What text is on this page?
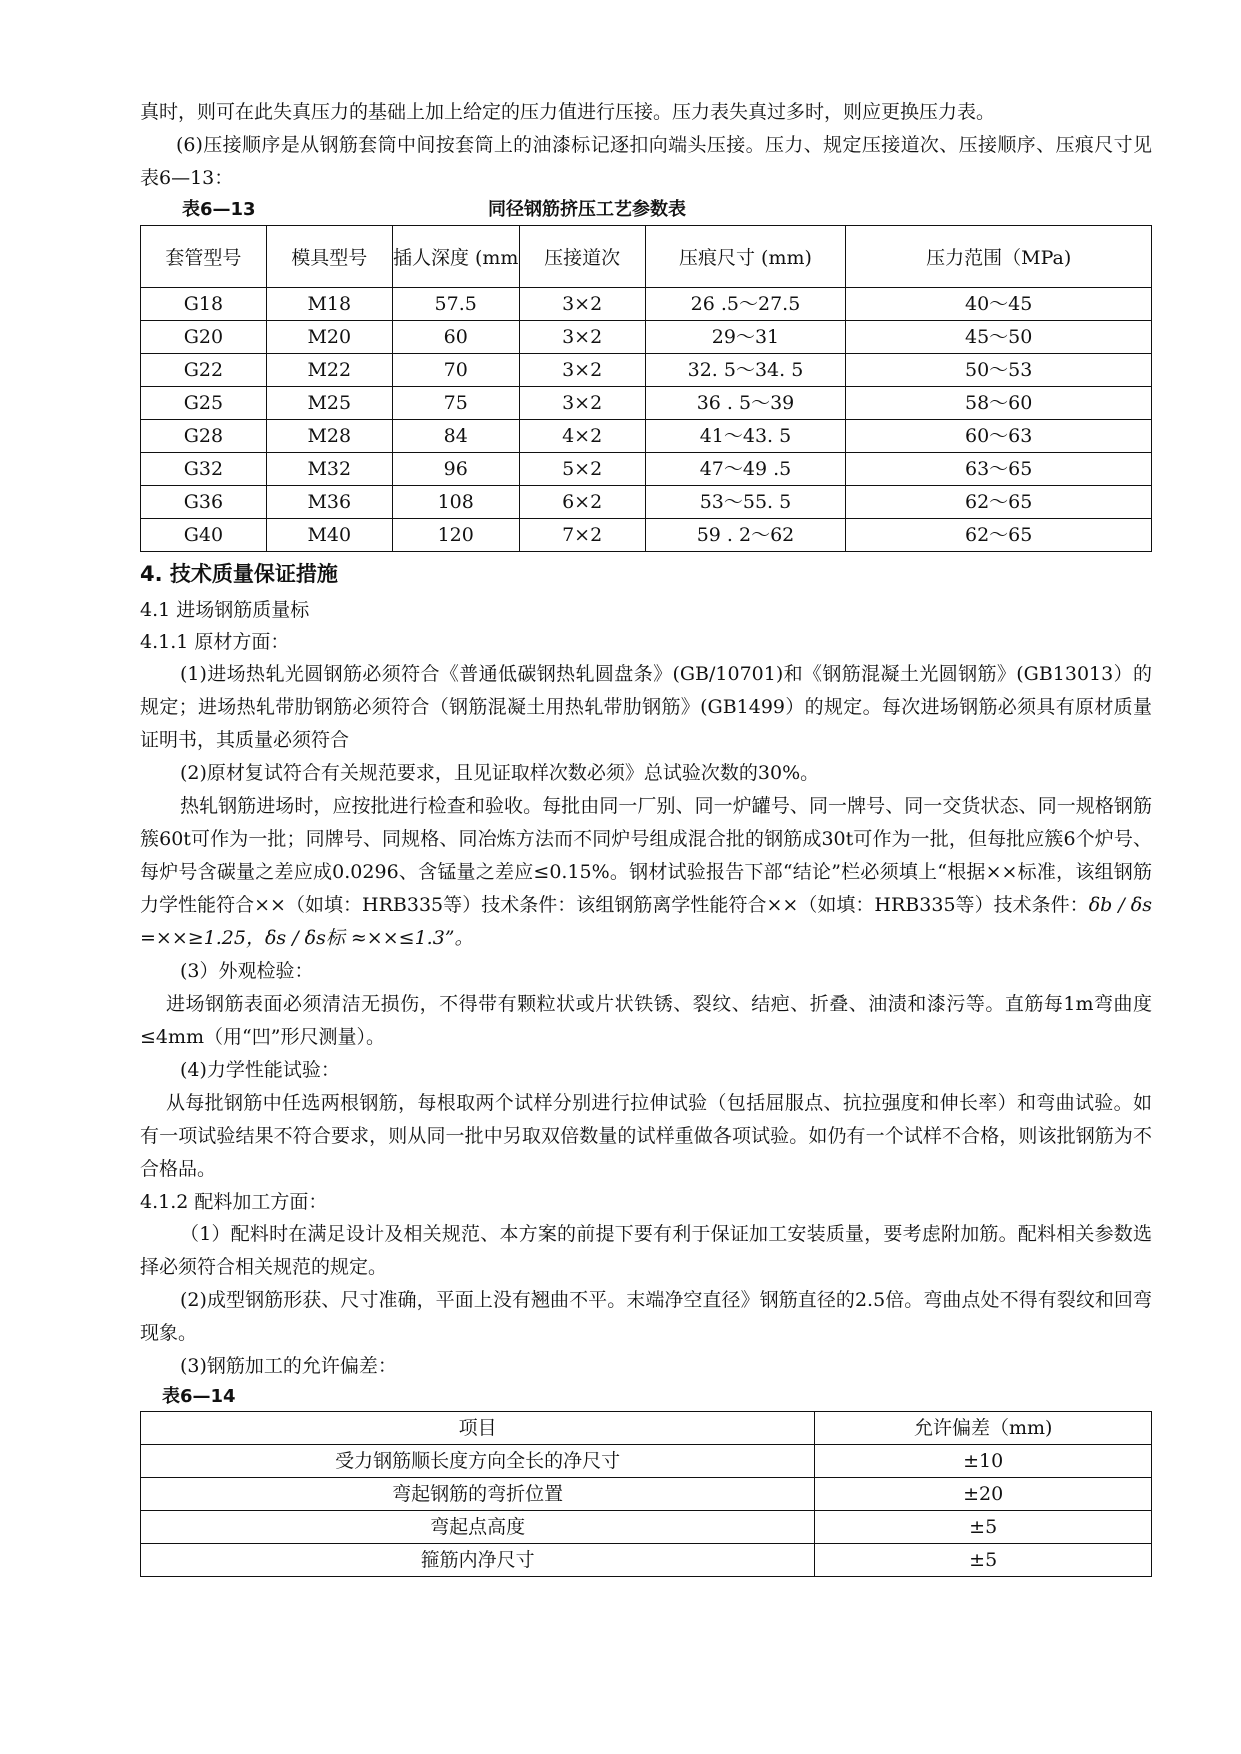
真时，则可在此失真压力的基础上加上给定的压力值进行压接。压力表失真过多时，则应更换压力表。

(6)压接顺序是从钢筋套筒中间按套筒上的油漆标记逐扣向端头压接。压力、规定压接道次、压接顺序、压痕尺寸见表6—13：

表6—13	同径钢筋挤压工艺参数表
套管型号	模具型号	插人深度 (mm	压接道次	压痕尺寸 (mm)	压力范围（MPa)
G18	M18	57.5	3×2	26 .5～27.5	40～45
G20	M20	60	3×2	29～31	45～50
G22	M22	70	3×2	32. 5～34. 5	50～53
G25	M25	75	3×2	36 . 5～39	58～60
G28	M28	84	4×2	41～43. 5	60～63
G32	M32	96	5×2	47～49 .5	63～65
G36	M36	108	6×2	53～55. 5	62～65
G40	M40	120	7×2	59 . 2～62	62～65
4. 技术质量保证措施

4.1 进场钢筋质量标

4.1.1 原材方面：

(1)进场热轧光圆钢筋必须符合《普通低碳钢热轧圆盘条》(GB/10701)和《钢筋混凝土光圆钢筋》(GB13013）的规定；进场热轧带肋钢筋必须符合（钢筋混凝土用热轧带肋钢筋》(GB1499）的规定。每次进场钢筋必须具有原材质量证明书，其质量必须符合

(2)原材复试符合有关规范要求，且见证取样次数必须》总试验次数的30%。

热轧钢筋进场时，应按批进行检查和验收。每批由同一厂别、同一炉罐号、同一牌号、同一交货状态、同一规格钢筋簇60t可作为一批；同牌号、同规格、同冶炼方法而不同炉号组成混合批的钢筋成30t可作为一批，但每批应簇6个炉号、每炉号含碳量之差应成0.0296、含锰量之差应≤0.15%。钢材试验报告下部“结论”栏必须填上“根据××标准，该组钢筋力学性能符合××（如填：HRB335等）技术条件：该组钢筋离学性能符合××（如填：HRB335等）技术条件：δb / δs =××≥1.25，δs / δs标 ≈××≤1.3”。

(3）外观检验：

进场钢筋表面必须清洁无损伤，不得带有颗粒状或片状铁锈、裂纹、结疤、折叠、油渍和漆污等。直筋每1m弯曲度≤4mm（用“凹”形尺测量）。

(4)力学性能试验：

从每批钢筋中任选两根钢筋，每根取两个试样分别进行拉伸试验（包括屈服点、抗拉强度和伸长率）和弯曲试验。如有一项试验结果不符合要求，则从同一批中另取双倍数量的试样重做各项试验。如仍有一个试样不合格，则该批钢筋为不合格品。

4.1.2 配料加工方面：

（1）配料时在满足设计及相关规范、本方案的前提下要有利于保证加工安装质量，要考虑附加筋。配料相关参数选择必须符合相关规范的规定。

(2)成型钢筋形获、尺寸准确，平面上没有翘曲不平。末端净空直径》钢筋直径的2.5倍。弯曲点处不得有裂纹和回弯现象。

(3)钢筋加工的允许偏差：

表6—14
项目	允许偏差（mm)
受力钢筋顺长度方向全长的净尺寸	±10
弯起钢筋的弯折位置	±20
弯起点高度	±5
箍筋内净尺寸	±5
